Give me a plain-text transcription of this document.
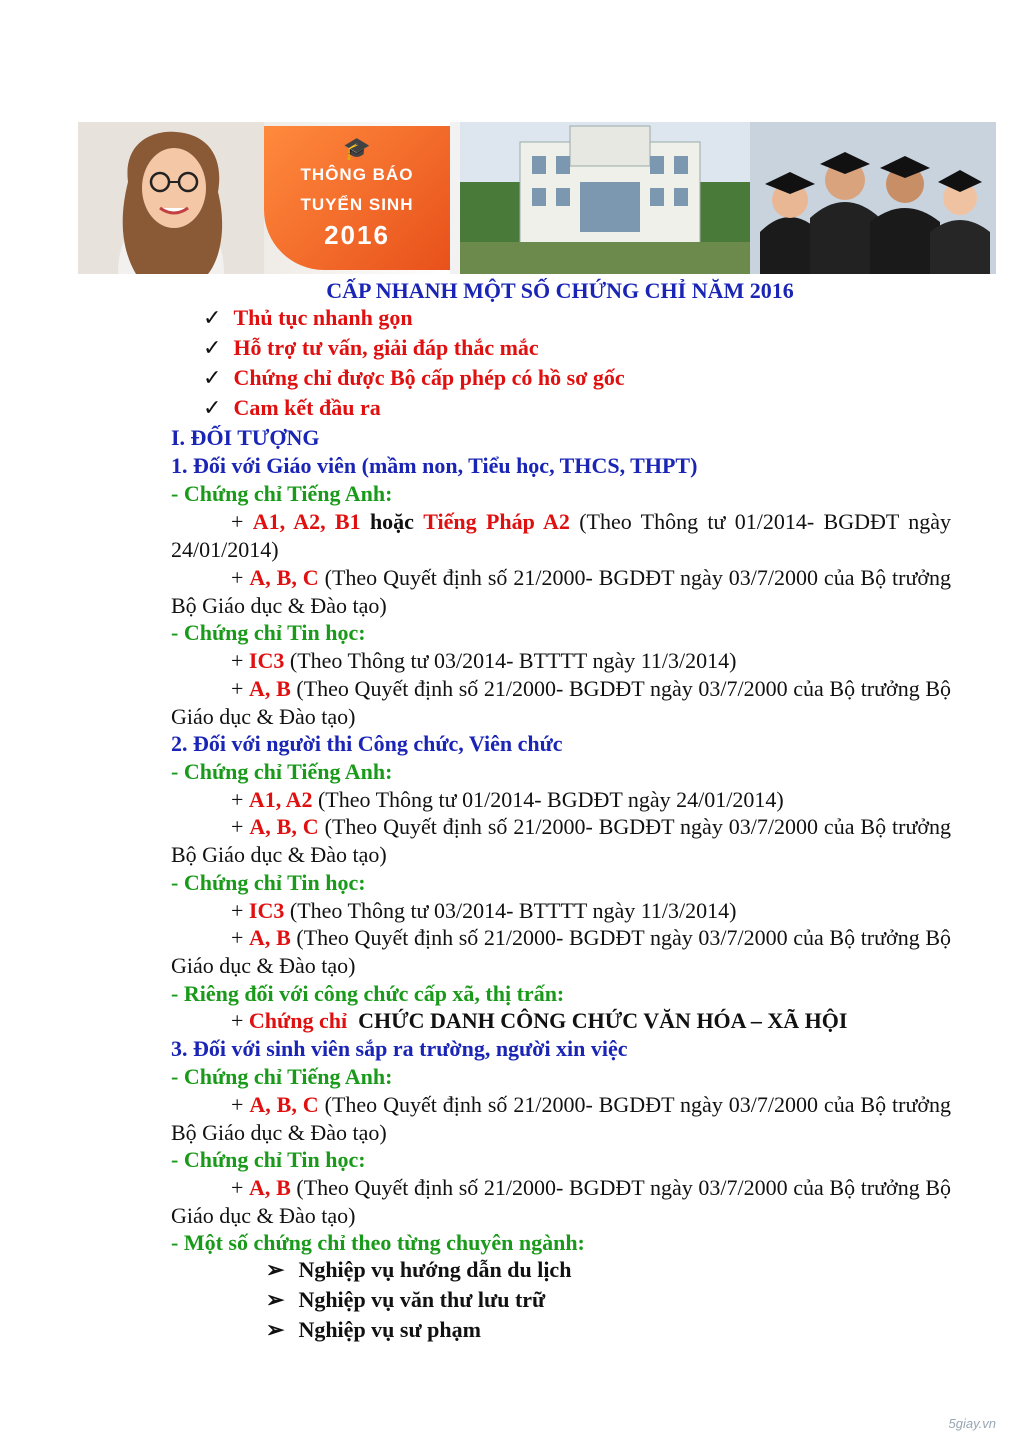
🎓
THÔNG BÁO
TUYỂN SINH
2016
CẤP NHANH MỘT SỐ CHỨNG CHỈ NĂM 2016
✓ Thủ tục nhanh gọn
✓ Hỗ trợ tư vấn, giải đáp thắc mắc
✓ Chứng chỉ được Bộ cấp phép có hồ sơ gốc
✓ Cam kết đầu ra
I. ĐỐI TƯỢNG
1. Đối với Giáo viên (mầm non, Tiểu học, THCS, THPT)
- Chứng chỉ Tiếng Anh:
+ A1, A2, B1 hoặc Tiếng Pháp A2 (Theo Thông tư 01/2014- BGDĐT ngày 24/01/2014)
+ A, B, C (Theo Quyết định số 21/2000- BGDĐT ngày 03/7/2000 của Bộ trưởng Bộ Giáo dục & Đào tạo)
- Chứng chỉ Tin học:
+ IC3 (Theo Thông tư 03/2014- BTTTT ngày 11/3/2014)
+ A, B (Theo Quyết định số 21/2000- BGDĐT ngày 03/7/2000 của Bộ trưởng Bộ Giáo dục & Đào tạo)
2. Đối với người thi Công chức, Viên chức
- Chứng chỉ Tiếng Anh:
+ A1, A2 (Theo Thông tư 01/2014- BGDĐT ngày 24/01/2014)
+ A, B, C (Theo Quyết định số 21/2000- BGDĐT ngày 03/7/2000 của Bộ trưởng Bộ Giáo dục & Đào tạo)
- Chứng chỉ Tin học:
+ IC3 (Theo Thông tư 03/2014- BTTTT ngày 11/3/2014)
+ A, B (Theo Quyết định số 21/2000- BGDĐT ngày 03/7/2000 của Bộ trưởng Bộ Giáo dục & Đào tạo)
- Riêng đối với công chức cấp xã, thị trấn:
+ Chứng chỉ CHỨC DANH CÔNG CHỨC VĂN HÓA – XÃ HỘI
3. Đối với sinh viên sắp ra trường, người xin việc
- Chứng chỉ Tiếng Anh:
+ A, B, C (Theo Quyết định số 21/2000- BGDĐT ngày 03/7/2000 của Bộ trưởng Bộ Giáo dục & Đào tạo)
- Chứng chỉ Tin học:
+ A, B (Theo Quyết định số 21/2000- BGDĐT ngày 03/7/2000 của Bộ trưởng Bộ Giáo dục & Đào tạo)
- Một số chứng chỉ theo từng chuyên ngành:
➢ Nghiệp vụ hướng dẫn du lịch
➢ Nghiệp vụ văn thư lưu trữ
➢ Nghiệp vụ sư phạm
5giay.vn
